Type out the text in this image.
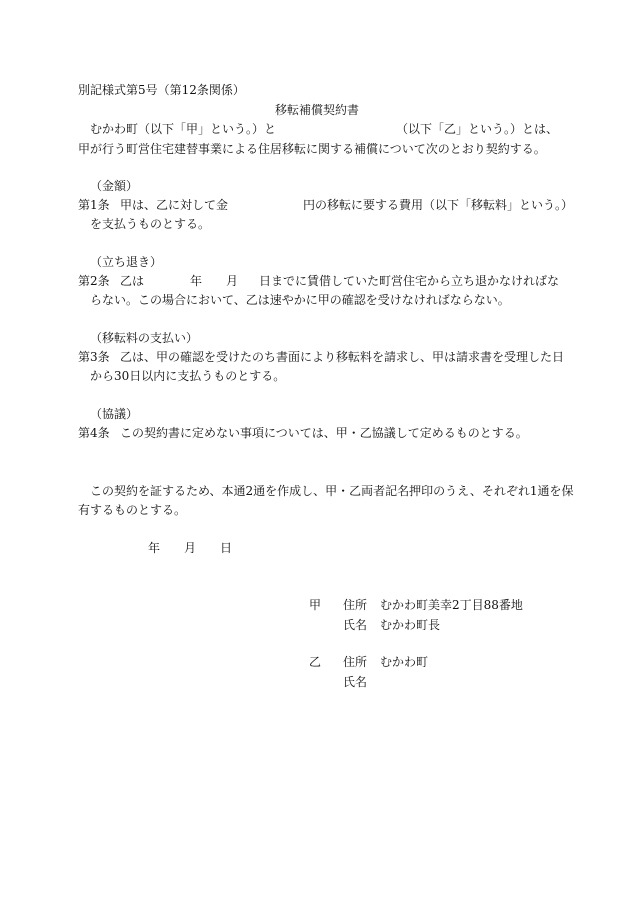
別記様式第5号（第12条関係）
移転補償契約書
むかわ町（以下「甲」という。）と	（以下「乙」という。）とは、
甲が行う町営住宅建替事業による住居移転に関する補償について次のとおり契約する。
（金額）
第1条 甲は、乙に対して金	円の移転に要する費用（以下「移転料」という。）
を支払うものとする。
（立ち退き）
第2条 乙は	年 月 日までに賃借していた町営住宅から立ち退かなければな
らない。この場合において、乙は速やかに甲の確認を受けなければならない。
（移転料の支払い）
第3条 乙は、甲の確認を受けたのち書面により移転料を請求し、甲は請求書を受理した日
から30日以内に支払うものとする。
（協議）
第4条 この契約書に定めない事項については、甲・乙協議して定めるものとする。
この契約を証するため、本通2通を作成し、甲・乙両者記名押印のうえ、それぞれ1通を保
有するものとする。
年 月 日
甲 住所 むかわ町美幸2丁目88番地
氏名 むかわ町長
乙 住所 むかわ町
氏名
